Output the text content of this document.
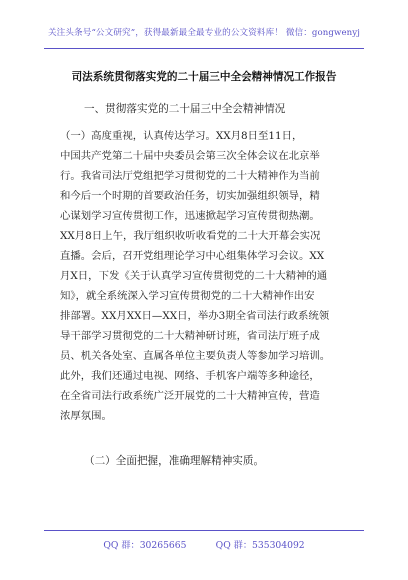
关注头条号“公文研究”，获得最新最全最专业的公文资料库！ 微信：gongwenyj
司法系统贯彻落实党的二十届三中全会精神情况工作报告
一、贯彻落实党的二十届三中全会精神情况
（一）高度重视，认真传达学习。XX月8日至11日，
中国共产党第二十届中央委员会第三次全体会议在北京举
行。我省司法厅党组把学习贯彻党的二十大精神作为当前
和今后一个时期的首要政治任务，切实加强组织领导，精
心谋划学习宣传贯彻工作，迅速掀起学习宣传贯彻热潮。
XX月8日上午，我厅组织收听收看党的二十大开幕会实况
直播。会后，召开党组理论学习中心组集体学习会议。XX
月X日，下发《关于认真学习宣传贯彻党的二十大精神的通
知》，就全系统深入学习宣传贯彻党的二十大精神作出安
排部署。XX月XX日—XX日，举办3期全省司法行政系统领
导干部学习贯彻党的二十大精神研讨班，省司法厅班子成
员、机关各处室、直属各单位主要负责人等参加学习培训。
此外，我们还通过电视、网络、手机客户端等多种途径，
在全省司法行政系统广泛开展党的二十大精神宣传，营造
浓厚氛围。
（二）全面把握，准确理解精神实质。
QQ 群：30265665          QQ 群：535304092
